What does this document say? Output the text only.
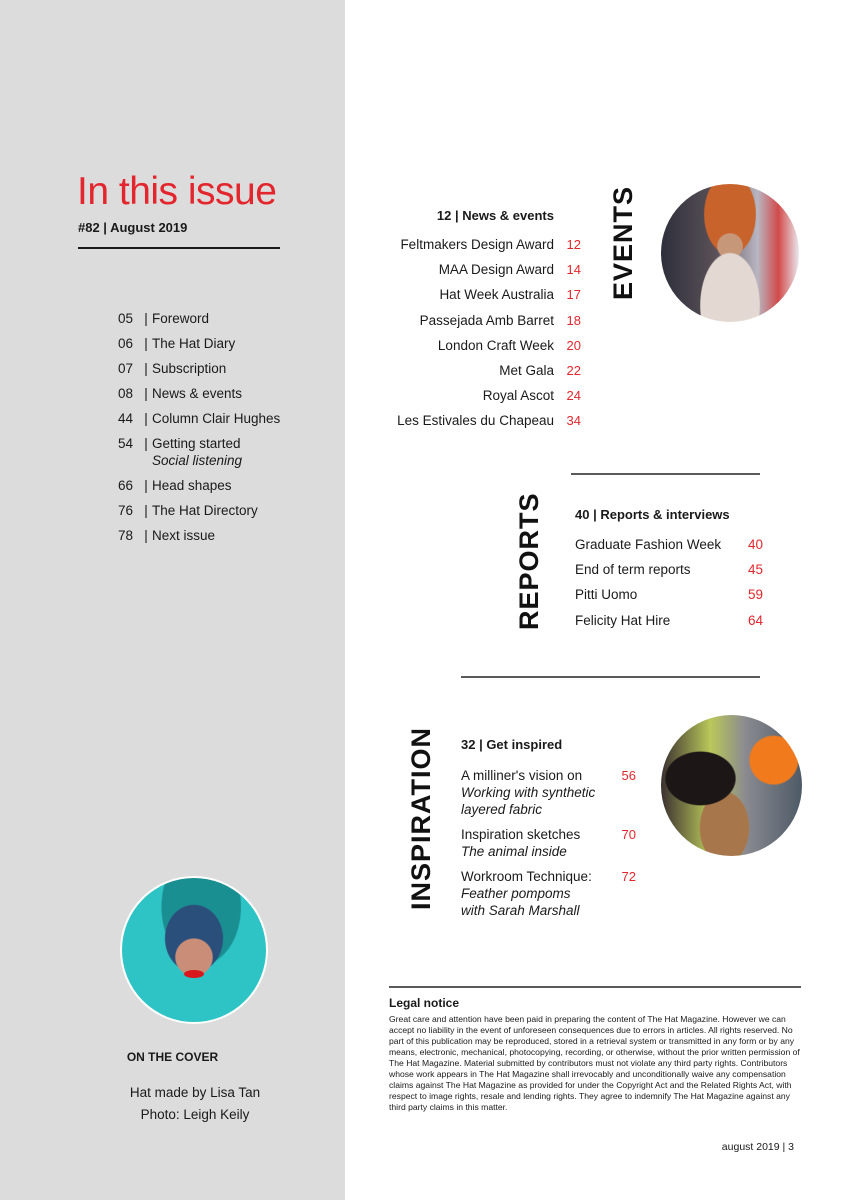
In this issue
#82 | August 2019
05 | Foreword
06 | The Hat Diary
07 | Subscription
08 | News & events
44 | Column Clair Hughes
54 | Getting started
Social listening
66 | Head shapes
76 | The Hat Directory
78 | Next issue
ON THE COVER
Hat made by Lisa Tan
Photo: Leigh Keily
EVENTS
12 | News & events
Feltmakers Design Award 12
MAA Design Award 14
Hat Week Australia 17
Passejada Amb Barret 18
London Craft Week 20
Met Gala 22
Royal Ascot 24
Les Estivales du Chapeau 34
REPORTS 40 | Reports & interviews
Graduate Fashion Week 40
End of term reports	45
Pitti Uomo	59
Felicity Hat Hire	64
INSPIRATION 32 | Get inspired
A milliner's vision on
Working with synthetic
layered fabric
56
Inspiration sketches
The animal inside
70
Workroom Technique:
Feather pompoms
with Sarah Marshall
72
Legal notice

Great care and attention have been paid in preparing the content of The Hat Magazine. However we can accept no liability in the event of unforeseen consequences due to errors in articles. All rights reserved. No part of this publication may be reproduced, stored in a retrieval system or transmitted in any form or by any means, electronic, mechanical, photocopying, recording, or otherwise, without the prior written permission of The Hat Magazine. Material submitted by contributors must not violate any third party rights. Contributors whose work appears in The Hat Magazine shall irrevocably and unconditionally waive any compensation claims against The Hat Magazine as provided for under the Copyright Act and the Related Rights Act, with respect to image rights, resale and lending rights. They agree to indemnify The Hat Magazine against any third party claims in this matter.

august 2019 | 3
